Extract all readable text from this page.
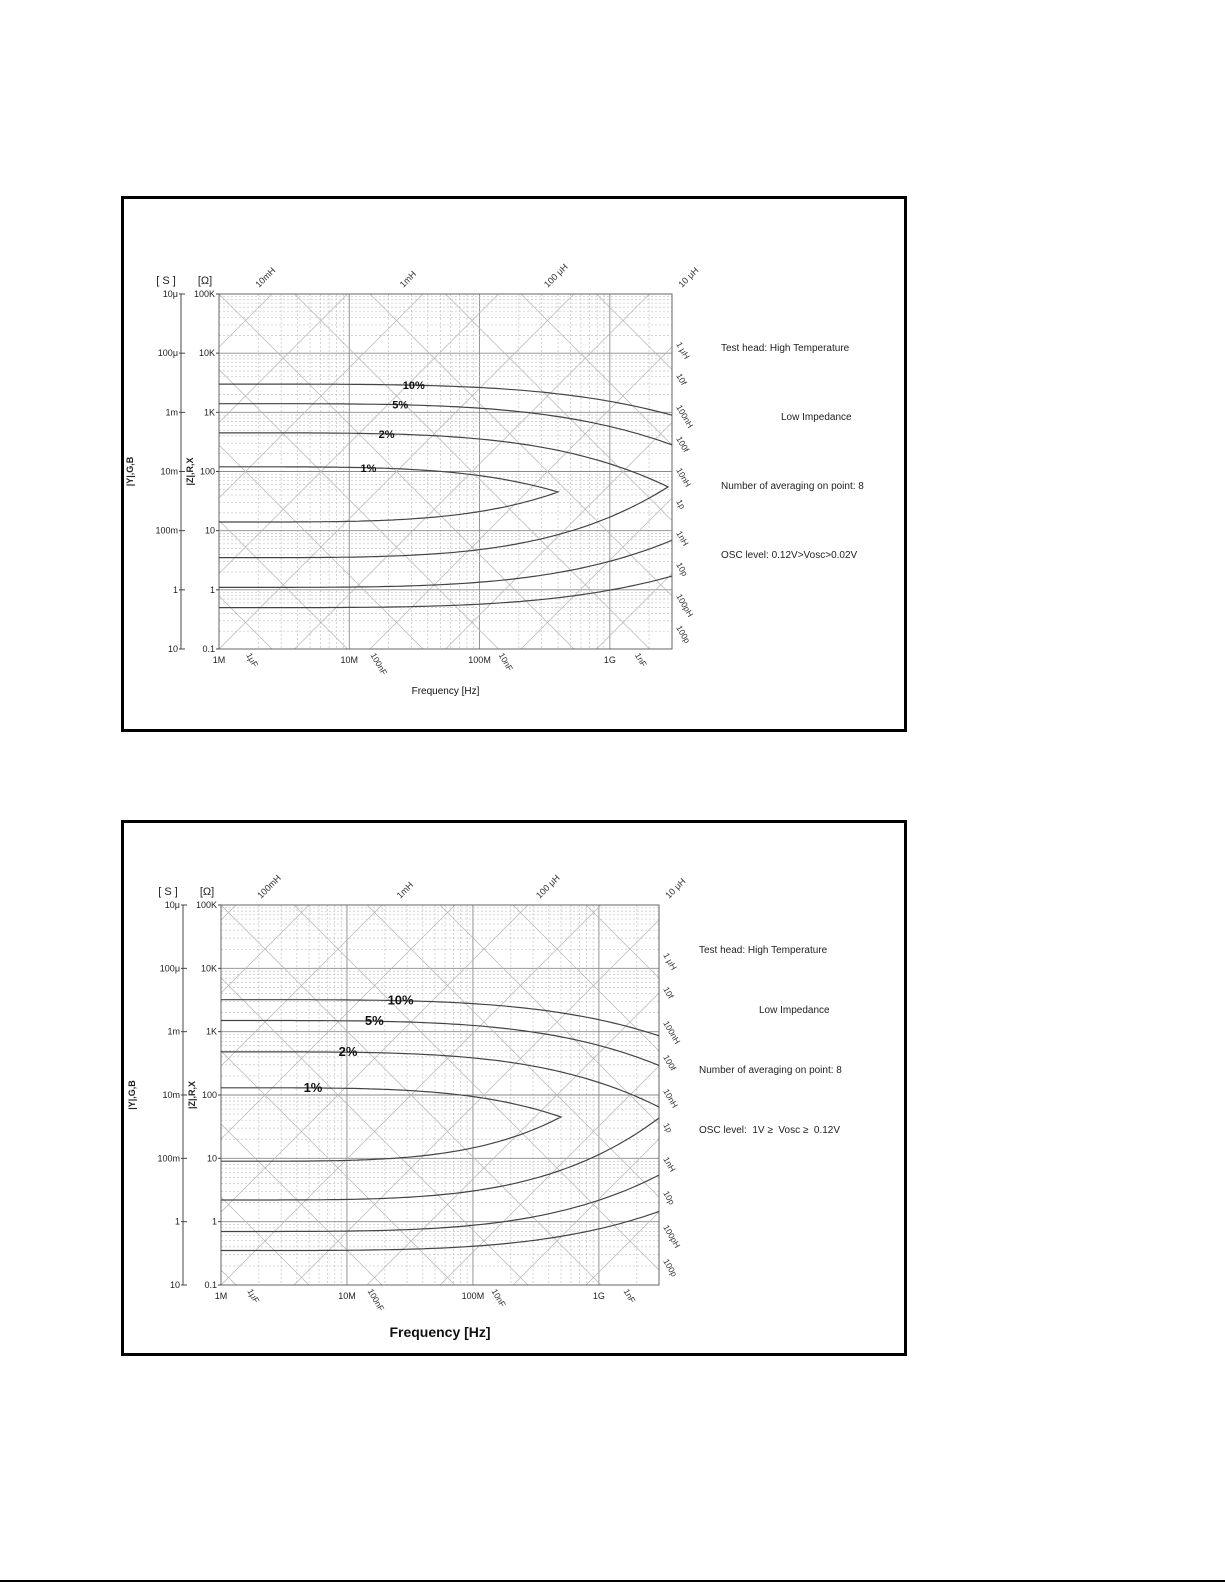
0.1
1
10
100
1K
10K
100K
10
1
100m
10m
1m
100μ
10μ
[ S ] [Ω]
|Z|,R,X
|Y|,G,B
1M	10M	100M	1G
Frequency [Hz]
10mH	1mH	100 μH	10 μH
1 μH
10f
100nH
100f
10nH
1p
1nH
10p
100pH
100p
1μF	100nF	10nF	1nF
1%
2%
5%
10%

Test head: High Temperature

Low Impedance

Number of averaging on point: 8

OSC level: 0.12V>Vosc>0.02V

0.1
1
10
100
1K
10K
100K
10
1
100m
10m
1m
100μ
10μ
[ S ] [Ω]
|Z|,R,X
|Y|,G,B
1M	10M	100M	1G
Frequency [Hz]
100mH	1mH	100 μH	10 μH
1 μH
10f
100nH
100f
10nH
1p
1nH
10p
100pH
100p
1μF	100nF	10nF	1nF
1%
2%
5%
10%

Test head: High Temperature

Low Impedance

Number of averaging on point: 8

OSC level:  1V ≥  Vosc ≥  0.12V
